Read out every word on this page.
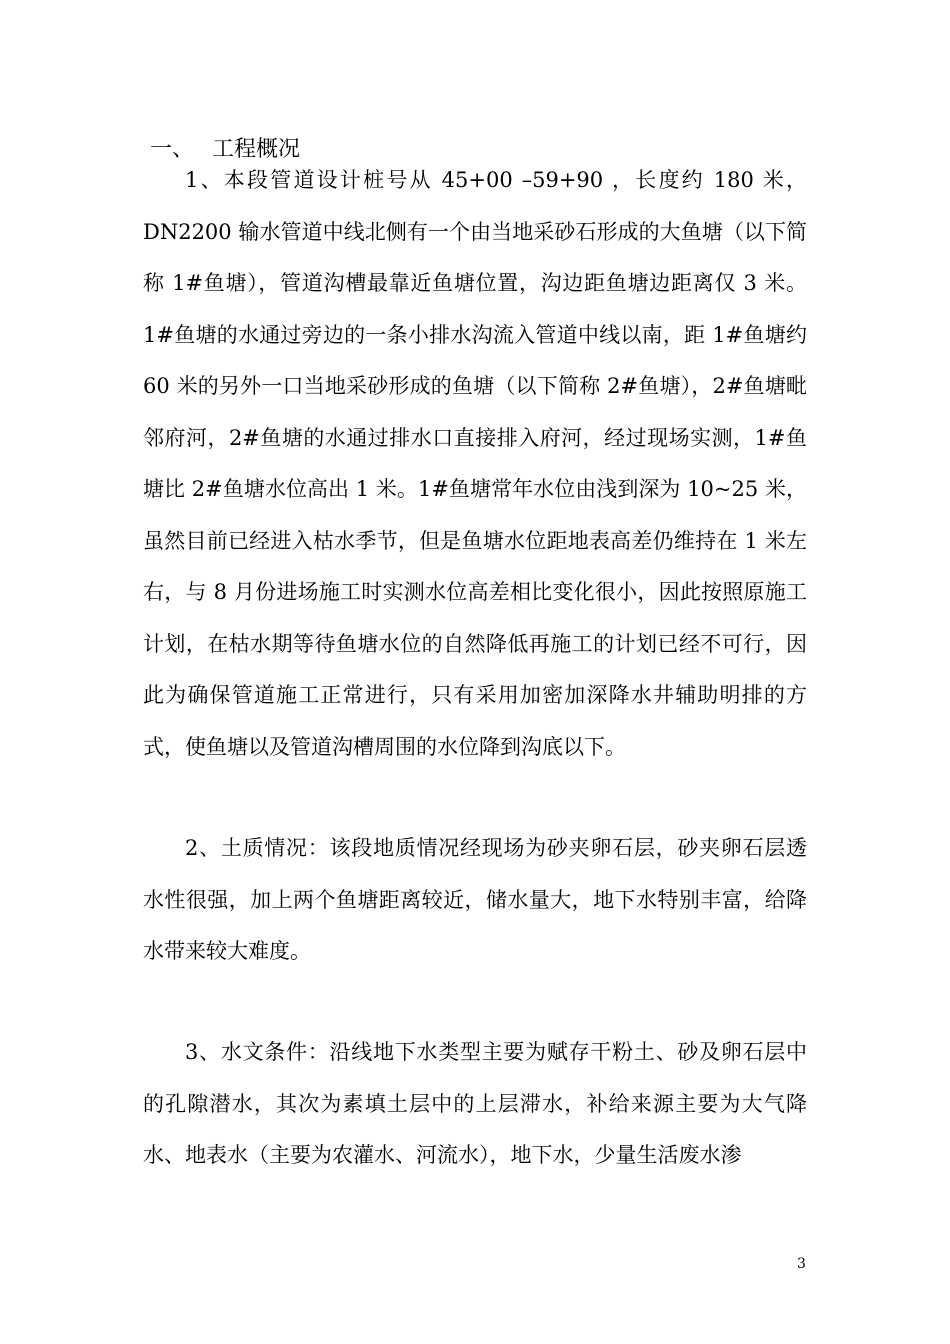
一、 工程概况

1、本段管道设计桩号从 45+00 –59+90 ，长度约 180 米，DN2200 输水管道中线北侧有一个由当地采砂石形成的大鱼塘（以下简称 1#鱼塘），管道沟槽最靠近鱼塘位置，沟边距鱼塘边距离仅 3 米。1#鱼塘的水通过旁边的一条小排水沟流入管道中线以南，距 1#鱼塘约 60 米的另外一口当地采砂形成的鱼塘（以下简称 2#鱼塘），2#鱼塘毗邻府河，2#鱼塘的水通过排水口直接排入府河，经过现场实测，1#鱼塘比 2#鱼塘水位高出 1 米。1#鱼塘常年水位由浅到深为 10~25 米，虽然目前已经进入枯水季节，但是鱼塘水位距地表高差仍维持在 1 米左右，与 8 月份进场施工时实测水位高差相比变化很小，因此按照原施工计划，在枯水期等待鱼塘水位的自然降低再施工的计划已经不可行，因此为确保管道施工正常进行，只有采用加密加深降水井辅助明排的方式，使鱼塘以及管道沟槽周围的水位降到沟底以下。

2、土质情况：该段地质情况经现场为砂夹卵石层，砂夹卵石层透水性很强，加上两个鱼塘距离较近，储水量大，地下水特别丰富，给降水带来较大难度。

3、水文条件：沿线地下水类型主要为赋存干粉土、砂及卵石层中的孔隙潜水，其次为素填土层中的上层滞水，补给来源主要为大气降水、地表水（主要为农灌水、河流水），地下水，少量生活废水渗

3
